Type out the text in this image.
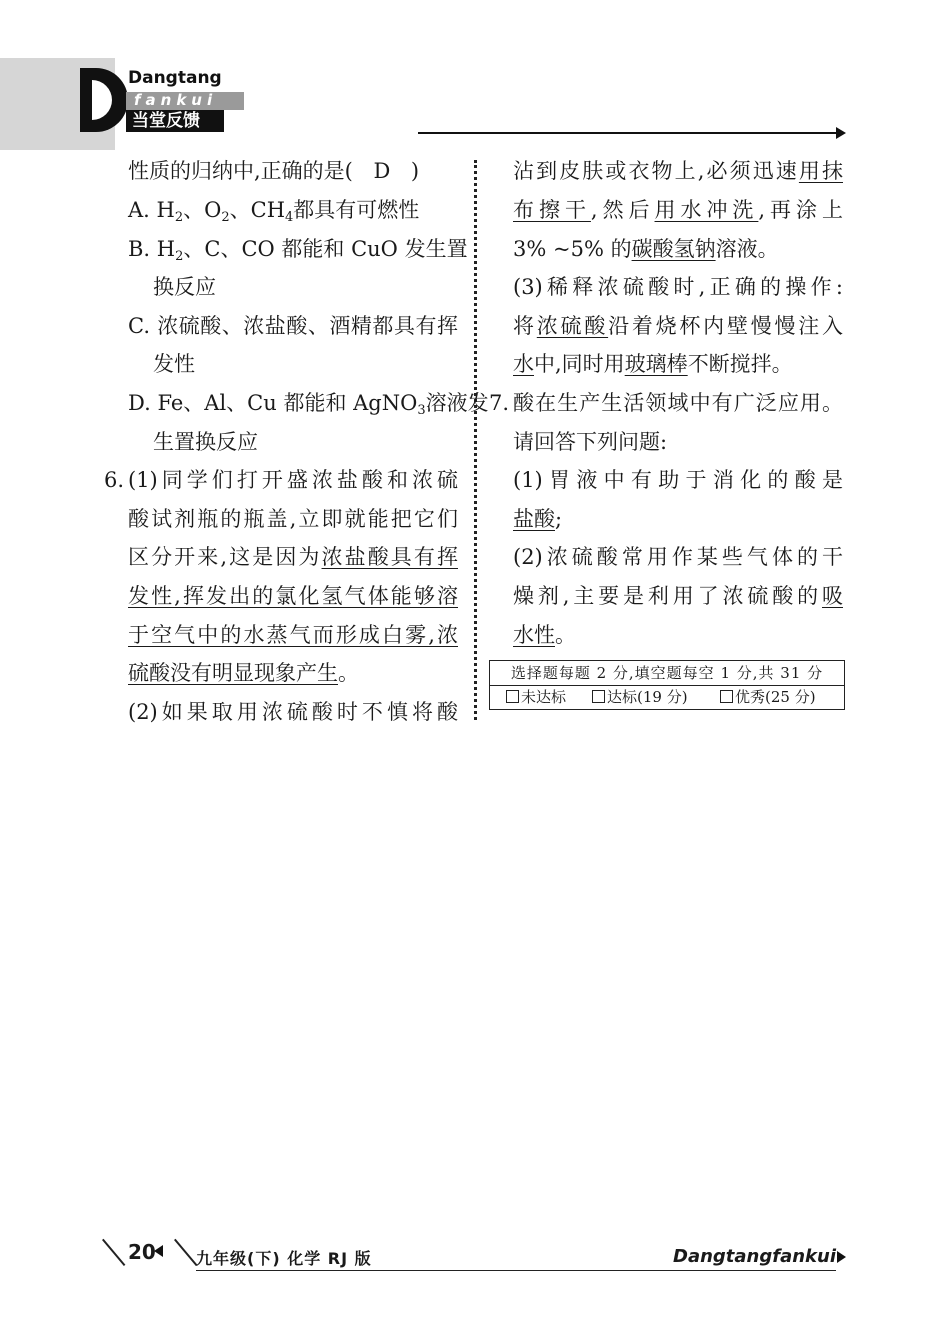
Dangtang
fankui
当堂反馈
性质的归纳中,正确的是( D )
A. $H_2$、$O_2$、$CH_4$都具有可燃性
B. $H_2$、C、CO 都能和 CuO 发生置
换反应
C. 浓硫酸、浓盐酸、酒精都具有挥
发性
D. Fe、Al、Cu 都能和 AgNO$_3$溶液发
生置换反应
6. (1)同学们打开盛浓盐酸和浓硫
酸试剂瓶的瓶盖,立即就能把它们
区分开来,这是因为浓盐酸具有挥
发性,挥发出的氯化氢气体能够溶
于空气中的水蒸气而形成白雾,浓
硫酸没有明显现象产生。
(2)如果取用浓硫酸时不慎将酸
沾到皮肤或衣物上,必须迅速用抹
布擦干,然后用水冲洗,再涂上
3% ~5% 的碳酸氢钠溶液。
(3)稀释浓硫酸时,正确的操作:
将浓硫酸沿着烧杯内壁慢慢注入
水中,同时用玻璃棒不断搅拌。
7. 酸在生产生活领域中有广泛应用。
请回答下列问题:
(1)胃液中有助于消化的酸是
盐酸;
(2)浓硫酸常用作某些气体的干
燥剂,主要是利用了浓硫酸的吸
水性。
选择题每题 2 分,填空题每空 1 分,共 31 分
未达标	达标(19 分)	优秀(25 分)
20	九年级(下) 化学 RJ 版	Dangtangfankui
